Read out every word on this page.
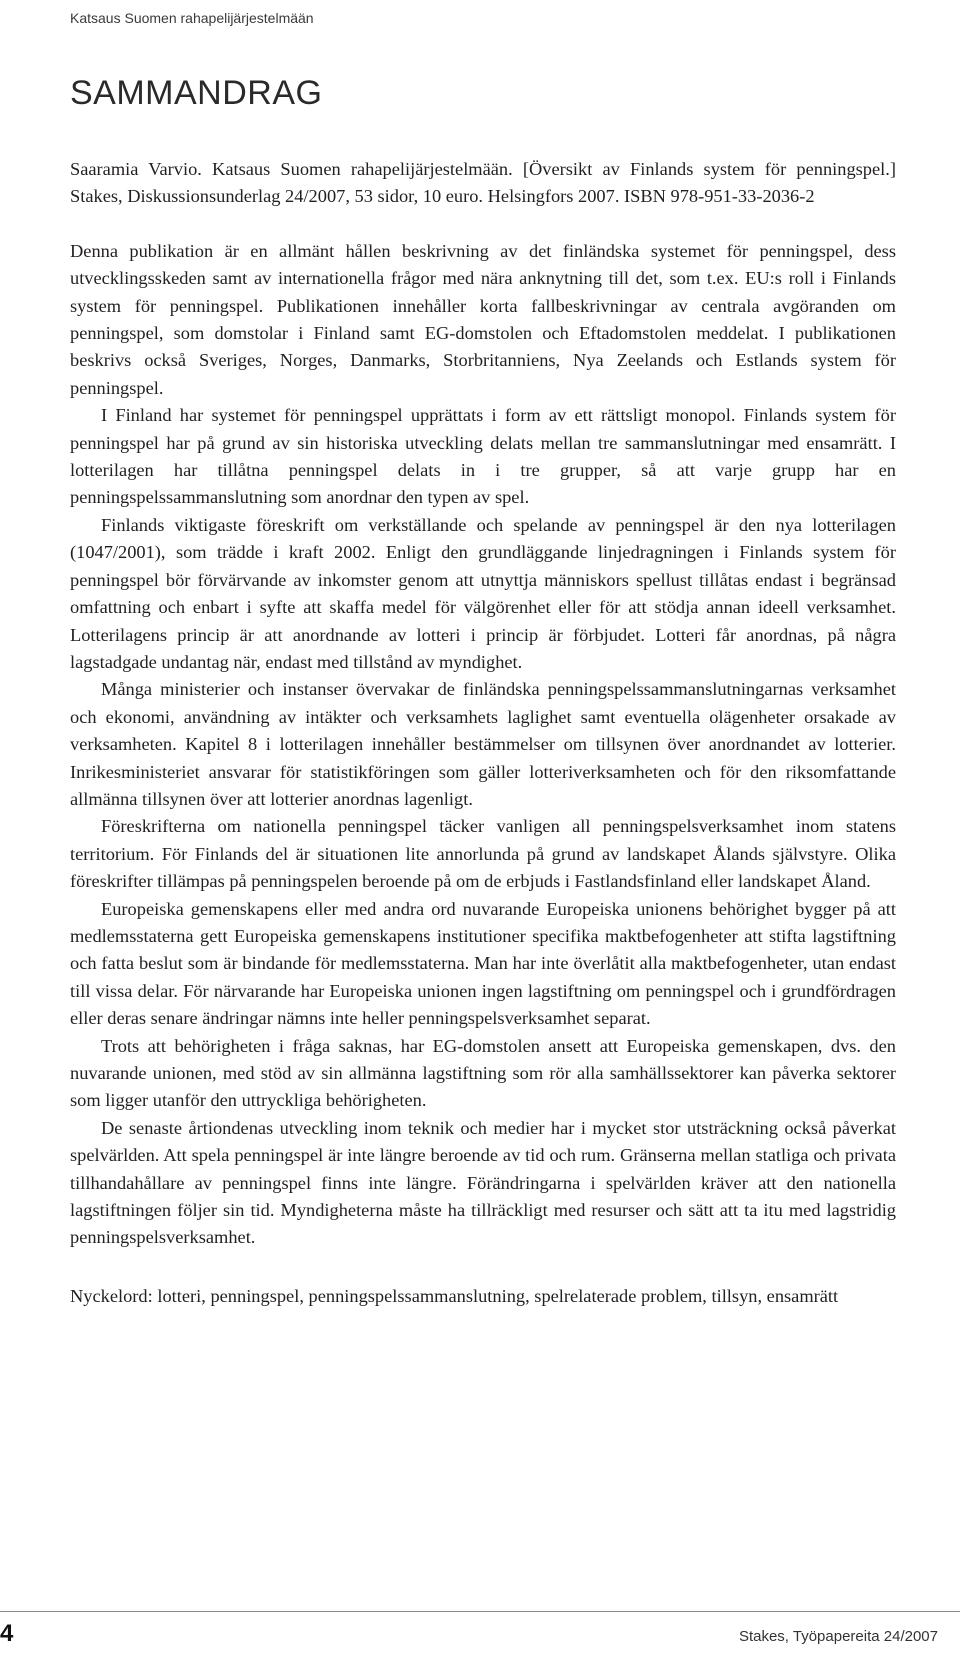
Katsaus Suomen rahapelijärjestelmään

SAMMANDRAG

Saaramia Varvio. Katsaus Suomen rahapelijärjestelmään. [Översikt av Finlands system för penningspel.] Stakes, Diskussionsunderlag 24/2007, 53 sidor, 10 euro. Helsingfors 2007. ISBN 978-951-33-2036-2

Denna publikation är en allmänt hållen beskrivning av det finländska systemet för penningspel, dess utvecklingsskeden samt av internationella frågor med nära anknytning till det, som t.ex. EU:s roll i Finlands system för penningspel. Publikationen innehåller korta fallbeskrivningar av centrala avgöranden om penningspel, som domstolar i Finland samt EG-domstolen och Eftadomstolen meddelat. I publikationen beskrivs också Sveriges, Norges, Danmarks, Storbritanniens, Nya Zeelands och Estlands system för penningspel.

I Finland har systemet för penningspel upprättats i form av ett rättsligt monopol. Finlands system för penningspel har på grund av sin historiska utveckling delats mellan tre sammanslutningar med ensamrätt. I lotterilagen har tillåtna penningspel delats in i tre grupper, så att varje grupp har en penningspelssammanslutning som anordnar den typen av spel.

Finlands viktigaste föreskrift om verkställande och spelande av penningspel är den nya lotterilagen (1047/2001), som trädde i kraft 2002. Enligt den grundläggande linjedragningen i Finlands system för penningspel bör förvärvande av inkomster genom att utnyttja människors spellust tillåtas endast i begränsad omfattning och enbart i syfte att skaffa medel för välgörenhet eller för att stödja annan ideell verksamhet. Lotterilagens princip är att anordnande av lotteri i princip är förbjudet. Lotteri får anordnas, på några lagstadgade undantag när, endast med tillstånd av myndighet.

Många ministerier och instanser övervakar de finländska penningspelssammanslutningarnas verksamhet och ekonomi, användning av intäkter och verksamhets laglighet samt eventuella olägenheter orsakade av verksamheten. Kapitel 8 i lotterilagen innehåller bestämmelser om tillsynen över anordnandet av lotterier. Inrikesministeriet ansvarar för statistikföringen som gäller lotteriverksamheten och för den riksomfattande allmänna tillsynen över att lotterier anordnas lagenligt.

Föreskrifterna om nationella penningspel täcker vanligen all penningspelsverksamhet inom statens territorium. För Finlands del är situationen lite annorlunda på grund av landskapet Ålands självstyre. Olika föreskrifter tillämpas på penningspelen beroende på om de erbjuds i Fastlandsfinland eller landskapet Åland.

Europeiska gemenskapens eller med andra ord nuvarande Europeiska unionens behörighet bygger på att medlemsstaterna gett Europeiska gemenskapens institutioner specifika maktbefogenheter att stifta lagstiftning och fatta beslut som är bindande för medlemsstaterna. Man har inte överlåtit alla maktbefogenheter, utan endast till vissa delar. För närvarande har Europeiska unionen ingen lagstiftning om penningspel och i grundfördragen eller deras senare ändringar nämns inte heller penningspelsverksamhet separat.

Trots att behörigheten i fråga saknas, har EG-domstolen ansett att Europeiska gemenskapen, dvs. den nuvarande unionen, med stöd av sin allmänna lagstiftning som rör alla samhällssektorer kan påverka sektorer som ligger utanför den uttryckliga behörigheten.

De senaste årtiondenas utveckling inom teknik och medier har i mycket stor utsträckning också påverkat spelvärlden. Att spela penningspel är inte längre beroende av tid och rum. Gränserna mellan statliga och privata tillhandahållare av penningspel finns inte längre. Förändringarna i spelvärlden kräver att den nationella lagstiftningen följer sin tid. Myndigheterna måste ha tillräckligt med resurser och sätt att ta itu med lagstridig penningspelsverksamhet.

Nyckelord: lotteri, penningspel, penningspelssammanslutning, spelrelaterade problem, tillsyn, ensamrätt

4	Stakes, Työpapereita 24/2007
